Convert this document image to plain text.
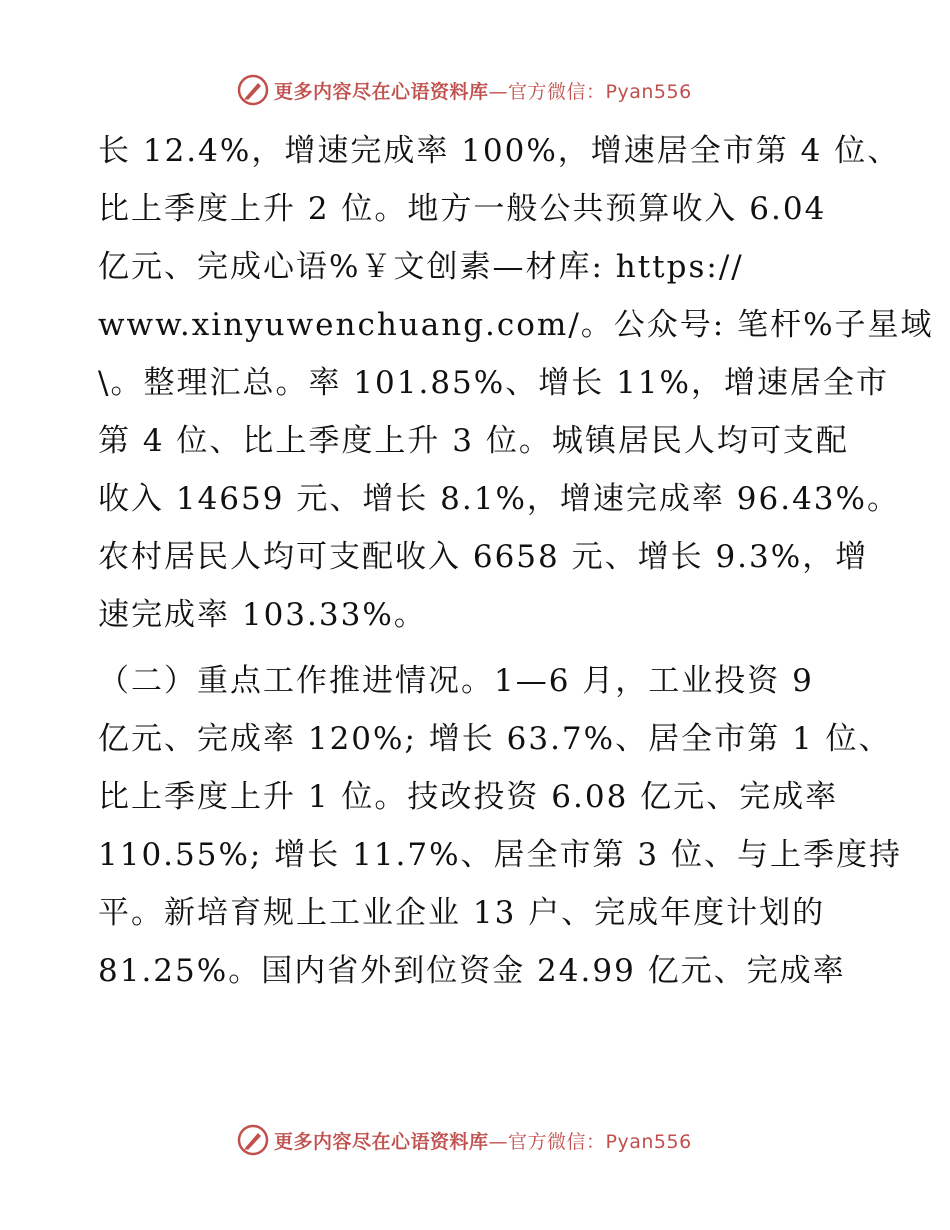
更多内容尽在心语资料库—官方微信：Pyan556
长 12.4%，增速完成率 100%，增速居全市第 4 位、
比上季度上升 2 位。地方一般公共预算收入 6.04
亿元、完成心语%￥文创素—材库: https://
www.xinyuwenchuang.com/。公众号: 笔杆%子星域
\。整理汇总。率 101.85%、增长 11%，增速居全市
第 4 位、比上季度上升 3 位。城镇居民人均可支配
收入 14659 元、增长 8.1%，增速完成率 96.43%。
农村居民人均可支配收入 6658 元、增长 9.3%，增
速完成率 103.33%。
（二）重点工作推进情况。1—6 月，工业投资 9
亿元、完成率 120%; 增长 63.7%、居全市第 1 位、
比上季度上升 1 位。技改投资 6.08 亿元、完成率
110.55%; 增长 11.7%、居全市第 3 位、与上季度持
平。新培育规上工业企业 13 户、完成年度计划的
81.25%。国内省外到位资金 24.99 亿元、完成率
更多内容尽在心语资料库—官方微信：Pyan556
